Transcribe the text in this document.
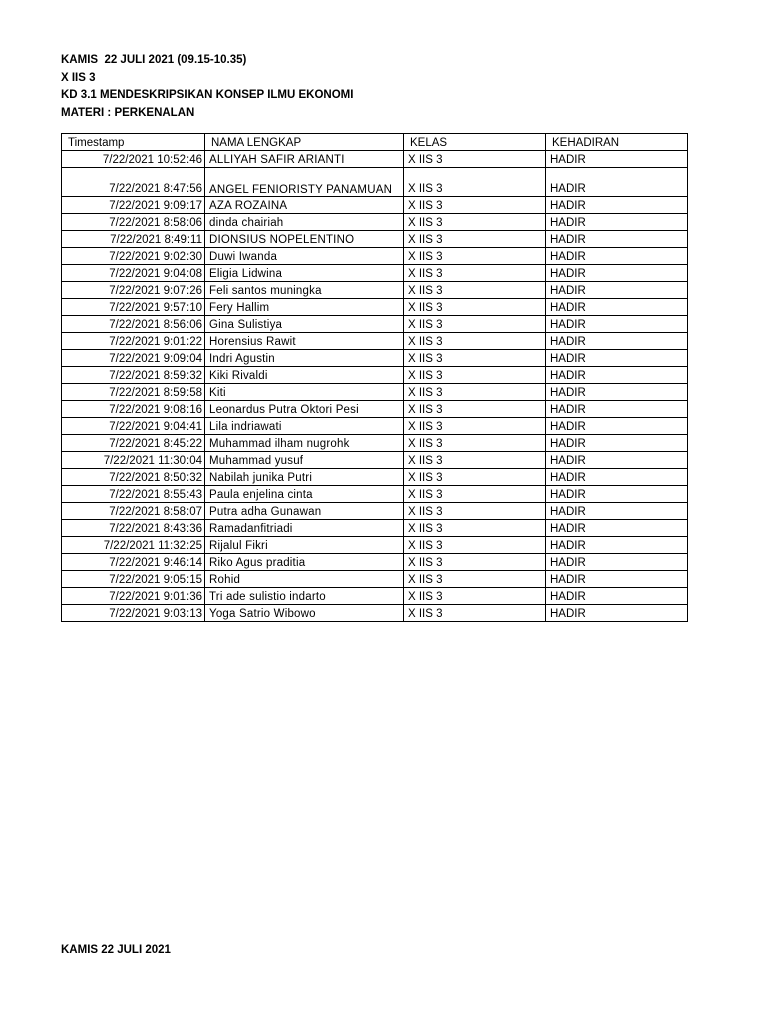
KAMIS  22 JULI 2021 (09.15-10.35)
X IIS 3
KD 3.1 MENDESKRIPSIKAN KONSEP ILMU EKONOMI
MATERI : PERKENALAN
Timestamp	NAMA LENGKAP	KELAS	KEHADIRAN
7/22/2021 10:52:46	ALLIYAH SAFIR ARIANTI	X IIS 3	HADIR
7/22/2021 8:47:56	ANGEL FENIORISTY PANAMUAN	X IIS 3	HADIR
7/22/2021 9:09:17	AZA ROZAINA	X IIS 3	HADIR
7/22/2021 8:58:06	dinda chairiah	X IIS 3	HADIR
7/22/2021 8:49:11	DIONSIUS NOPELENTINO	X IIS 3	HADIR
7/22/2021 9:02:30	Duwi Iwanda	X IIS 3	HADIR
7/22/2021 9:04:08	Eligia Lidwina	X IIS 3	HADIR
7/22/2021 9:07:26	Feli santos muningka	X IIS 3	HADIR
7/22/2021 9:57:10	Fery Hallim	X IIS 3	HADIR
7/22/2021 8:56:06	Gina Sulistiya	X IIS 3	HADIR
7/22/2021 9:01:22	Horensius Rawit	X IIS 3	HADIR
7/22/2021 9:09:04	Indri Agustin	X IIS 3	HADIR
7/22/2021 8:59:32	Kiki Rivaldi	X IIS 3	HADIR
7/22/2021 8:59:58	Kiti	X IIS 3	HADIR
7/22/2021 9:08:16	Leonardus Putra Oktori Pesi	X IIS 3	HADIR
7/22/2021 9:04:41	Lila indriawati	X IIS 3	HADIR
7/22/2021 8:45:22	Muhammad ilham nugrohk	X IIS 3	HADIR
7/22/2021 11:30:04	Muhammad yusuf	X IIS 3	HADIR
7/22/2021 8:50:32	Nabilah junika Putri	X IIS 3	HADIR
7/22/2021 8:55:43	Paula enjelina cinta	X IIS 3	HADIR
7/22/2021 8:58:07	Putra adha Gunawan	X IIS 3	HADIR
7/22/2021 8:43:36	Ramadanfitriadi	X IIS 3	HADIR
7/22/2021 11:32:25	Rijalul Fikri	X IIS 3	HADIR
7/22/2021 9:46:14	Riko Agus praditia	X IIS 3	HADIR
7/22/2021 9:05:15	Rohid	X IIS 3	HADIR
7/22/2021 9:01:36	Tri ade sulistio indarto	X IIS 3	HADIR
7/22/2021 9:03:13	Yoga Satrio Wibowo	X IIS 3	HADIR
KAMIS 22 JULI 2021
